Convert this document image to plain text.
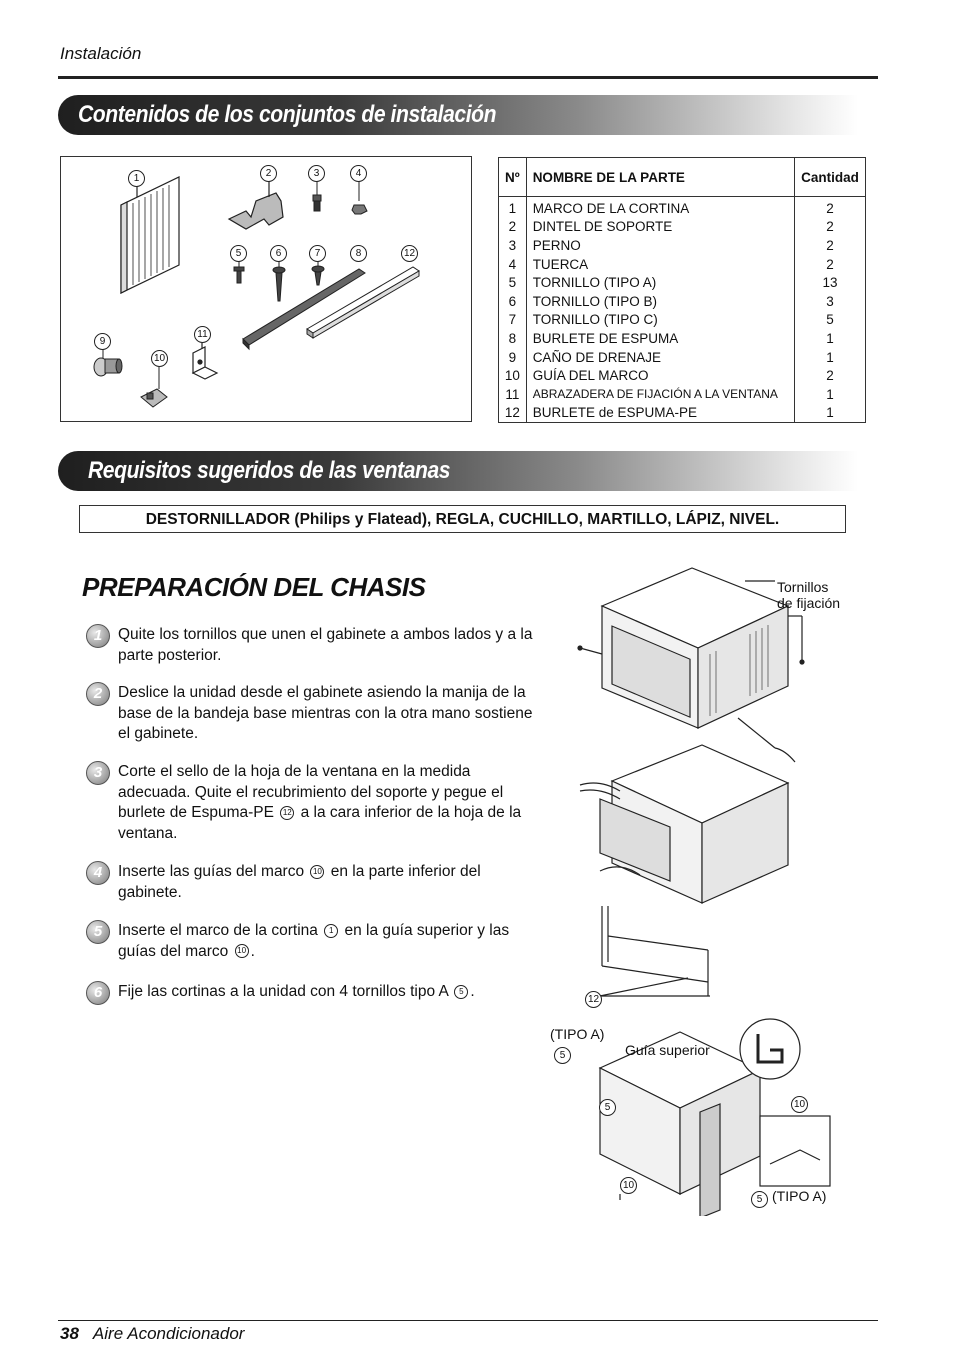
Instalación
Contenidos de los conjuntos de instalación
1	2	3	4
5	6	7	8	12
9
11
10
Nº	NOMBRE DE LA PARTE	Cantidad
1	MARCO DE LA CORTINA	2
2	DINTEL DE SOPORTE	2
3	PERNO	2
4	TUERCA	2
5	TORNILLO (TIPO A)	13
6	TORNILLO (TIPO B)	3
7	TORNILLO (TIPO C)	5
8	BURLETE DE ESPUMA	1
9	CAÑO DE DRENAJE	1
10	GUÍA DEL MARCO	2
11	ABRAZADERA DE FIJACIÓN A LA VENTANA	1
12	BURLETE de ESPUMA-PE	1
Requisitos sugeridos de las ventanas
DESTORNILLADOR (Philips y Flatead), REGLA, CUCHILLO, MARTILLO, LÁPIZ, NIVEL.
PREPARACIÓN DEL CHASIS
1	Quite los tornillos que unen el gabinete a ambos lados y a la parte posterior.
2	Deslice la unidad desde el gabinete asiendo la manija de la base de la bandeja base mientras con la otra mano sostiene el gabinete.
3	Corte el sello de la hoja de la ventana en la medida adecuada. Quite el recubrimiento del soporte y pegue el burlete de Espuma-PE 12 a la cara inferior de la hoja de la ventana.
4	Inserte las guías del marco 10 en la parte inferior del gabinete.
5	Inserte el marco de la cortina 1 en la guía superior y las guías del marco 10 .
6	Fije las cortinas a la unidad con 4 tornillos tipo A 5 .
Tornillos
de fijación
12
(TIPO A)
5	Guía superior
5	10
10
5 (TIPO A)
38 Aire Acondicionador
